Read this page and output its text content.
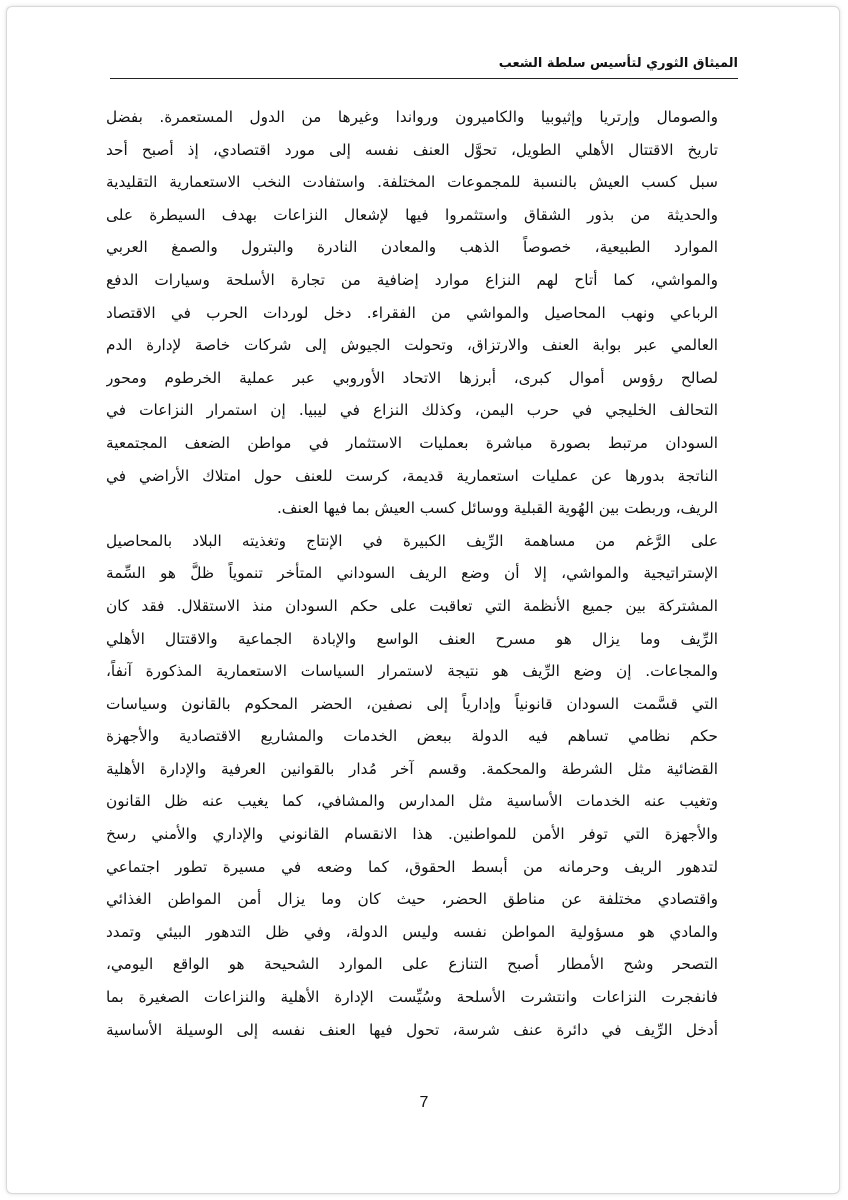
الميثاق الثوري لتأسيس سلطة الشعب
والصومال وإرتريا وإثيوبيا والكاميرون ورواندا وغيرها من الدول المستعمرة. بفضل
تاريخ الاقتتال الأهلي الطويل، تحوَّل العنف نفسه إلى مورد اقتصادي، إذ أصبح أحد
سبل كسب العيش بالنسبة للمجموعات المختلفة. واستفادت النخب الاستعمارية التقليدية
والحديثة من بذور الشقاق واستثمروا فيها لإشعال النزاعات بهدف السيطرة على
الموارد الطبيعية، خصوصاً الذهب والمعادن النادرة والبترول والصمغ العربي
والمواشي، كما أتاح لهم النزاع موارد إضافية من تجارة الأسلحة وسيارات الدفع
الرباعي ونهب المحاصيل والمواشي من الفقراء. دخل لوردات الحرب في الاقتصاد
العالمي عبر بوابة العنف والارتزاق، وتحولت الجيوش إلى شركات خاصة لإدارة الدم
لصالح رؤوس أموال كبرى، أبرزها الاتحاد الأوروبي عبر عملية الخرطوم ومحور
التحالف الخليجي في حرب اليمن، وكذلك النزاع في ليبيا. إن استمرار النزاعات في
السودان مرتبط بصورة مباشرة بعمليات الاستثمار في مواطن الضعف المجتمعية
الناتجة بدورها عن عمليات استعمارية قديمة، كرست للعنف حول امتلاك الأراضي في
الريف، وربطت بين الهُوية القبلية ووسائل كسب العيش بما فيها العنف.
على الرَّغم من مساهمة الرِّيف الكبيرة في الإنتاج وتغذيته البلاد بالمحاصيل
الإستراتيجية والمواشي، إلا أن وضع الريف السوداني المتأخر تنموياً ظلَّ هو السِّمة
المشتركة بين جميع الأنظمة التي تعاقبت على حكم السودان منذ الاستقلال. فقد كان
الرِّيف وما يزال هو مسرح العنف الواسع والإبادة الجماعية والاقتتال الأهلي
والمجاعات. إن وضع الرِّيف هو نتيجة لاستمرار السياسات الاستعمارية المذكورة آنفاً،
التي قسَّمت السودان قانونياً وإدارياً إلى نصفين، الحضر المحكوم بالقانون وسياسات
حكم نظامي تساهم فيه الدولة ببعض الخدمات والمشاريع الاقتصادية والأجهزة
القضائية مثل الشرطة والمحكمة. وقسم آخر مُدار بالقوانين العرفية والإدارة الأهلية
وتغيب عنه الخدمات الأساسية مثل المدارس والمشافي، كما يغيب عنه ظل القانون
والأجهزة التي توفر الأمن للمواطنين. هذا الانقسام القانوني والإداري والأمني رسخ
لتدهور الريف وحرمانه من أبسط الحقوق، كما وضعه في مسيرة تطور اجتماعي
واقتصادي مختلفة عن مناطق الحضر، حيث كان وما يزال أمن المواطن الغذائي
والمادي هو مسؤولية المواطن نفسه وليس الدولة، وفي ظل التدهور البيئي وتمدد
التصحر وشح الأمطار أصبح التنازع على الموارد الشحيحة هو الواقع اليومي،
فانفجرت النزاعات وانتشرت الأسلحة وسُيِّست الإدارة الأهلية والنزاعات الصغيرة بما
أدخل الرِّيف في دائرة عنف شرسة، تحول فيها العنف نفسه إلى الوسيلة الأساسية
7
